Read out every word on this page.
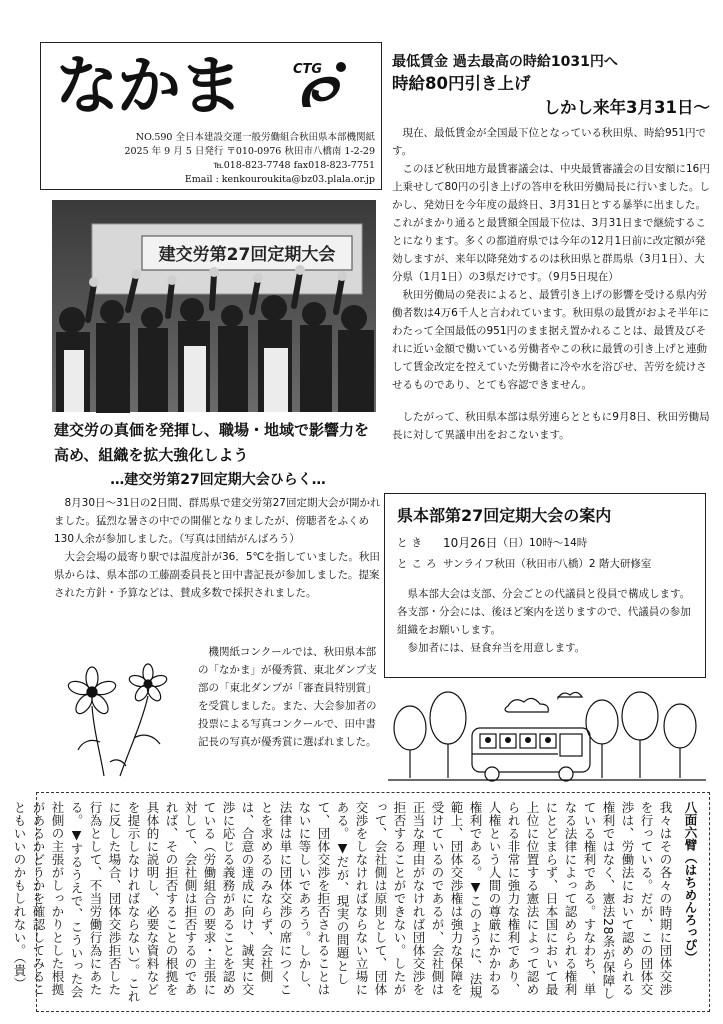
なかま	CTG
NO.590 全日本建設交運一般労働組合秋田県本部機関紙
2025 年 9 月 5 日発行 〒010-0976 秋田市八橋南 1-2-29
℡018-823-7748 fax018-823-7751
Email : kenkouroukita@bz03.plala.or.jp
最低賃金 過去最高の時給1031円へ
時給80円引き上げ
しかし来年3月31日～

現在、最低賃金が全国最下位となっている秋田県、時給951円です。

このほど秋田地方最賃審議会は、中央最賃審議会の目安額に16円上乗せして80円の引き上げの答申を秋田労働局長に行いました。しかし、発効日を今年度の最終日、3月31日とする暴挙に出ました。これがまかり通ると最賃額全国最下位は、3月31日まで継続することになります。多くの都道府県では今年の12月1日前に改定額が発効しますが、来年以降発効するのは秋田県と群馬県（3月1日）、大分県（1月1日）の3県だけです。（9月5日現在）

秋田労働局の発表によると、最賃引き上げの影響を受ける県内労働者数は4万6千人と言われています。秋田県の最賃がおよそ半年にわたって全国最低の951円のまま据え置かれることは、最賃及びそれに近い金額で働いている労働者やこの秋に最賃の引き上げと連動して賃金改定を控えていた労働者に冷や水を浴びせ、苦労を続けさせるものであり、とても容認できません。

したがって、秋田県本部は県労連らとともに9月8日、秋田労働局長に対して異議申出をおこないます。

建交労第27回定期大会
建交労の真価を発揮し、職場・地域で影響力を高め、組織を拡大強化しよう
…建交労第27回定期大会ひらく…

8月30日～31日の2日間、群馬県で建交労第27回定期大会が開かれました。猛烈な暑さの中での開催となりましたが、傍聴者をふくめ130人余が参加しました。（写真は団結がんばろう）

大会会場の最寄り駅では温度計が36．5℃を指していました。秋田県からは、県本部の工藤副委員長と田中書記長が参加しました。提案された方針・予算などは、賛成多数で採択されました。

機関紙コンクールでは、秋田県本部の「なかま」が優秀賞、東北ダンプ支部の「東北ダンプが「審査員特別賞」を受賞しました。また、大会参加者の投票による写真コンクールで、田中書記長の写真が優秀賞に選ばれました。
県本部第27回定期大会の案内
とき	10月26日 （日）10時～14時
ところ サンライフ秋田（秋田市八橋）2 階大研修室

県本部大会は支部、分会ごとの代議員と役員で構成します。各支部・分会には、後ほど案内を送りますので、代議員の参加組織をお願いします。

参加者には、昼食弁当を用意します。

八面六臂（はちめんろっぴ）
我々はその各々の時期に団体交渉を行っている。だが、この団体交渉は、労働法において認められる権利ではなく、憲法28条が保障している権利である。すなわち、単なる法律によって認められる権利にとどまらず、日本国において最上位に位置する憲法によって認められる非常に強力な権利であり、人権という人間の尊厳にかかわる権利である。▼このように、法規範上、団体交渉権は強力な保障を受けているのであるが、会社側は正当な理由がなければ団体交渉を拒否することができない。したがって、会社側は原則として、団体交渉をしなければならない立場にある。▼だが、現実の問題として、団体交渉を拒否されることはないに等しいであろう。しかし、法律は単に団体交渉の席につくことを求めるのみならず、会社側は、合意の達成に向け、誠実に交渉に応じる義務があることを認めている（労働組合の要求・主張に対して、会社側は拒否するのであれば、その拒否することの根拠を具体的に説明し、必要な資料などを提示しなければならない）。これに反した場合、団体交渉拒否した行為として、不当労働行為にあたる。▼するうえで、こういった会社側の主張がしっかりとした根拠があるかどうかを確認してみることもいいのかもしれない。（貴）
